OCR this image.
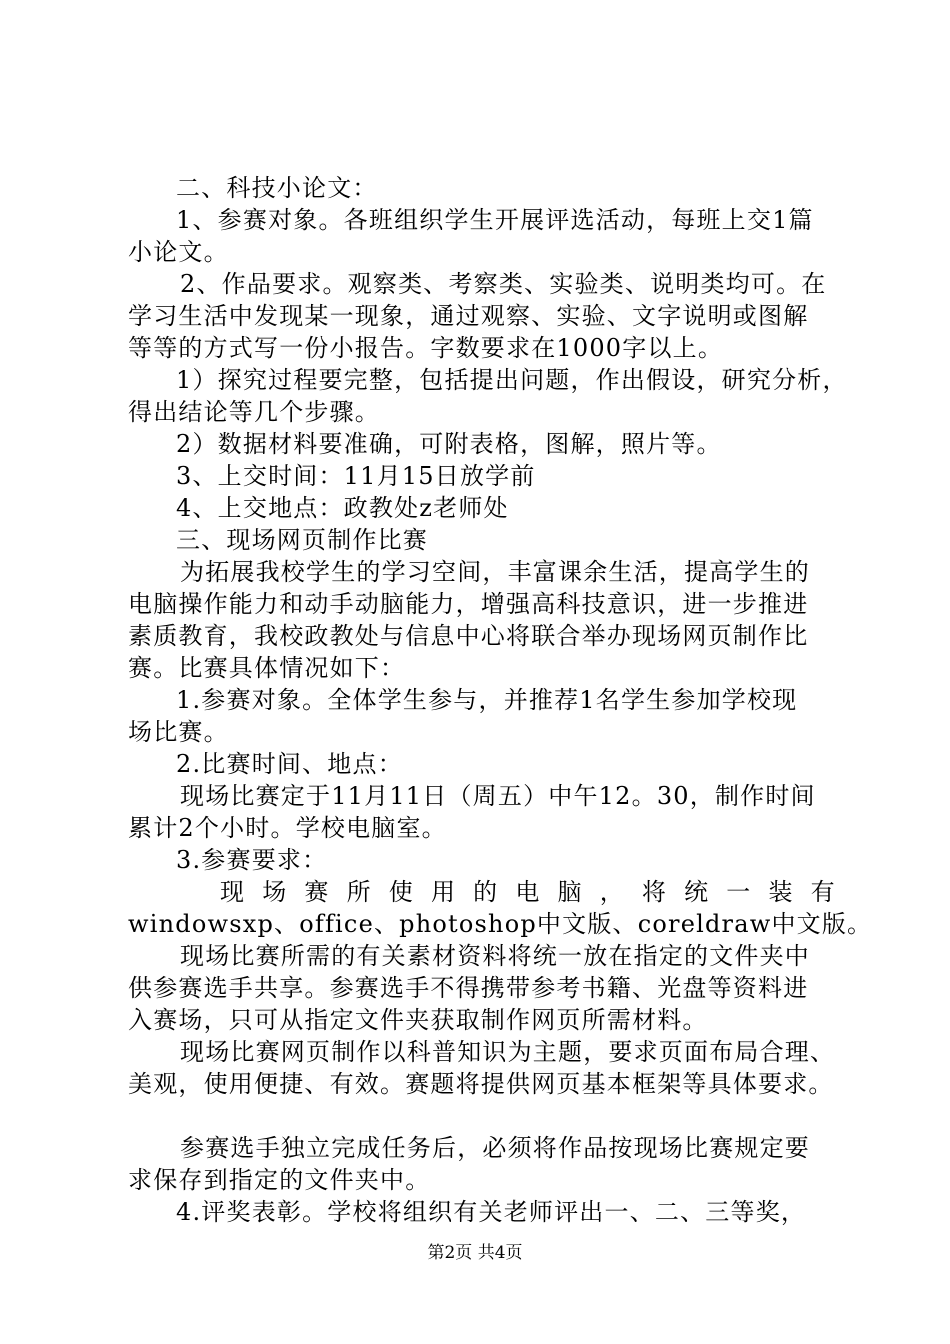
二、科技小论文：
1、参赛对象。各班组织学生开展评选活动，每班上交1篇
小论文。
2、作品要求。观察类、考察类、实验类、说明类均可。在
学习生活中发现某一现象，通过观察、实验、文字说明或图解
等等的方式写一份小报告。字数要求在1000字以上。
1）探究过程要完整，包括提出问题，作出假设，研究分析，
得出结论等几个步骤。
2）数据材料要准确，可附表格，图解，照片等。
3、上交时间：11月15日放学前
4、上交地点：政教处z老师处
三、现场网页制作比赛
为拓展我校学生的学习空间，丰富课余生活，提高学生的
电脑操作能力和动手动脑能力，增强高科技意识，进一步推进
素质教育，我校政教处与信息中心将联合举办现场网页制作比
赛。比赛具体情况如下：
1.参赛对象。全体学生参与，并推荐1名学生参加学校现
场比赛。
2.比赛时间、地点：
现场比赛定于11月11日（周五）中午12。30，制作时间
累计2个小时。学校电脑室。
3.参赛要求：
现 场 赛 所 使 用 的 电 脑 ， 将 统 一 装 有
windowsxp、office、photoshop中文版、coreldraw中文版。
现场比赛所需的有关素材资料将统一放在指定的文件夹中
供参赛选手共享。参赛选手不得携带参考书籍、光盘等资料进
入赛场，只可从指定文件夹获取制作网页所需材料。
现场比赛网页制作以科普知识为主题，要求页面布局合理、
美观，使用便捷、有效。赛题将提供网页基本框架等具体要求。
参赛选手独立完成任务后，必须将作品按现场比赛规定要
求保存到指定的文件夹中。
4.评奖表彰。学校将组织有关老师评出一、二、三等奖，
第2页 共4页
